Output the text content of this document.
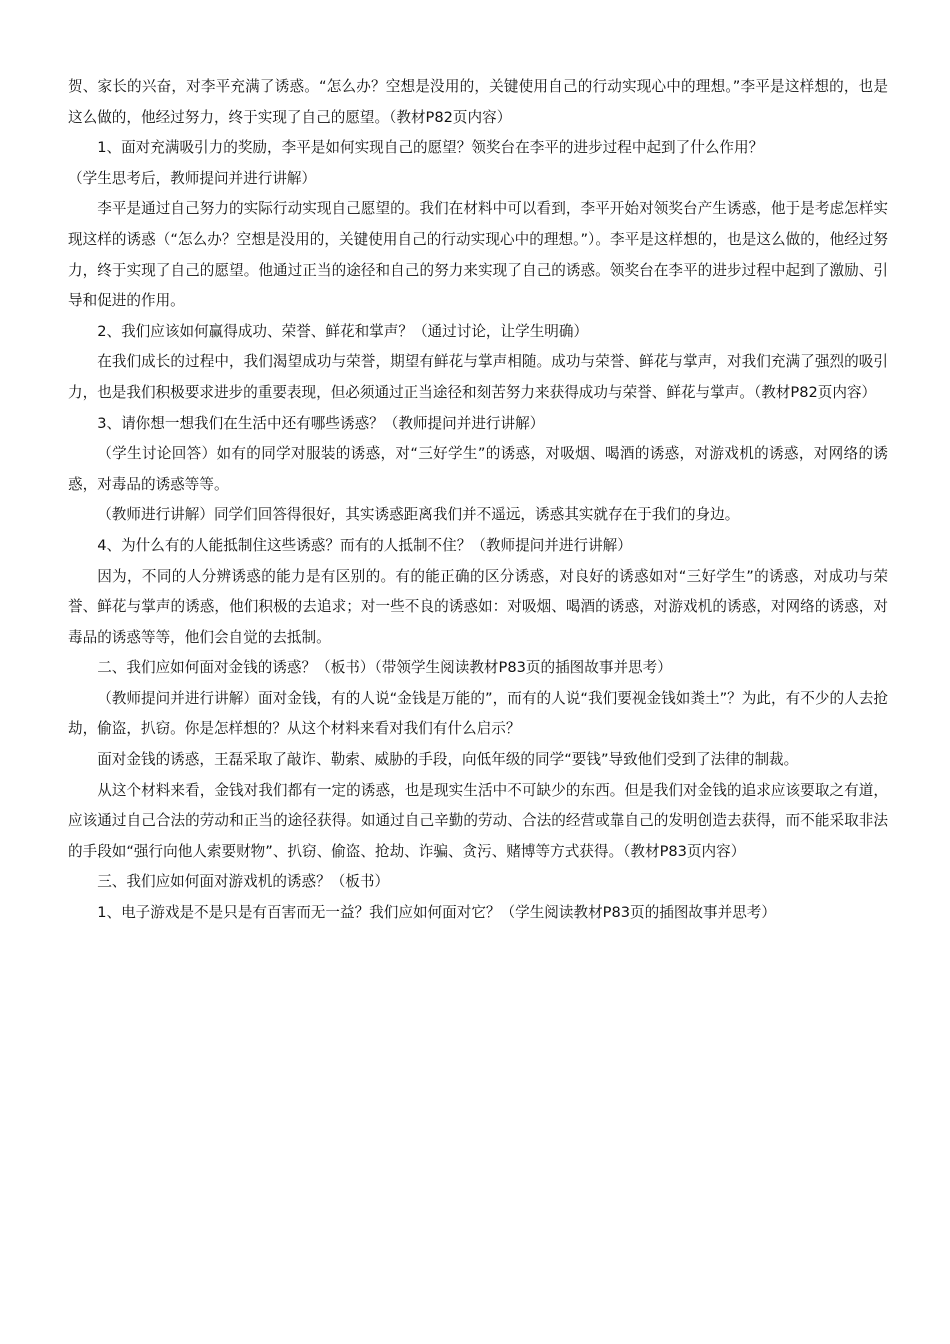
贺、家长的兴奋，对李平充满了诱惑。“怎么办？空想是没用的，关键使用自己的行动实现心中的理想。”李平是这样想的，也是这么做的，他经过努力，终于实现了自己的愿望。（教材P82页内容）

1、面对充满吸引力的奖励，李平是如何实现自己的愿望？领奖台在李平的进步过程中起到了什么作用？

（学生思考后，教师提问并进行讲解）

李平是通过自己努力的实际行动实现自己愿望的。我们在材料中可以看到，李平开始对领奖台产生诱惑，他于是考虑怎样实现这样的诱惑（“怎么办？空想是没用的，关键使用自己的行动实现心中的理想。”）。李平是这样想的，也是这么做的，他经过努力，终于实现了自己的愿望。他通过正当的途径和自己的努力来实现了自己的诱惑。领奖台在李平的进步过程中起到了激励、引导和促进的作用。

2、我们应该如何赢得成功、荣誉、鲜花和掌声？（通过讨论，让学生明确）

在我们成长的过程中，我们渴望成功与荣誉，期望有鲜花与掌声相随。成功与荣誉、鲜花与掌声，对我们充满了强烈的吸引力，也是我们积极要求进步的重要表现，但必须通过正当途径和刻苦努力来获得成功与荣誉、鲜花与掌声。（教材P82页内容）

3、请你想一想我们在生活中还有哪些诱惑？（教师提问并进行讲解）

（学生讨论回答）如有的同学对服装的诱惑，对“三好学生”的诱惑，对吸烟、喝酒的诱惑，对游戏机的诱惑，对网络的诱惑，对毒品的诱惑等等。

（教师进行讲解）同学们回答得很好，其实诱惑距离我们并不遥远，诱惑其实就存在于我们的身边。

4、为什么有的人能抵制住这些诱惑？而有的人抵制不住？（教师提问并进行讲解）

因为，不同的人分辨诱惑的能力是有区别的。有的能正确的区分诱惑，对良好的诱惑如对“三好学生”的诱惑，对成功与荣誉、鲜花与掌声的诱惑，他们积极的去追求；对一些不良的诱惑如：对吸烟、喝酒的诱惑，对游戏机的诱惑，对网络的诱惑，对毒品的诱惑等等，他们会自觉的去抵制。

二、我们应如何面对金钱的诱惑？（板书）（带领学生阅读教材P83页的插图故事并思考）

（教师提问并进行讲解）面对金钱，有的人说“金钱是万能的”，而有的人说“我们要视金钱如粪土”？为此，有不少的人去抢劫，偷盗，扒窃。你是怎样想的？从这个材料来看对我们有什么启示？

面对金钱的诱惑，王磊采取了敲诈、勒索、威胁的手段，向低年级的同学“要钱”导致他们受到了法律的制裁。

从这个材料来看，金钱对我们都有一定的诱惑，也是现实生活中不可缺少的东西。但是我们对金钱的追求应该要取之有道，应该通过自己合法的劳动和正当的途径获得。如通过自己辛勤的劳动、合法的经营或靠自己的发明创造去获得，而不能采取非法的手段如“强行向他人索要财物”、扒窃、偷盗、抢劫、诈骗、贪污、赌博等方式获得。（教材P83页内容）

三、我们应如何面对游戏机的诱惑？（板书）

1、电子游戏是不是只是有百害而无一益？我们应如何面对它？（学生阅读教材P83页的插图故事并思考）
